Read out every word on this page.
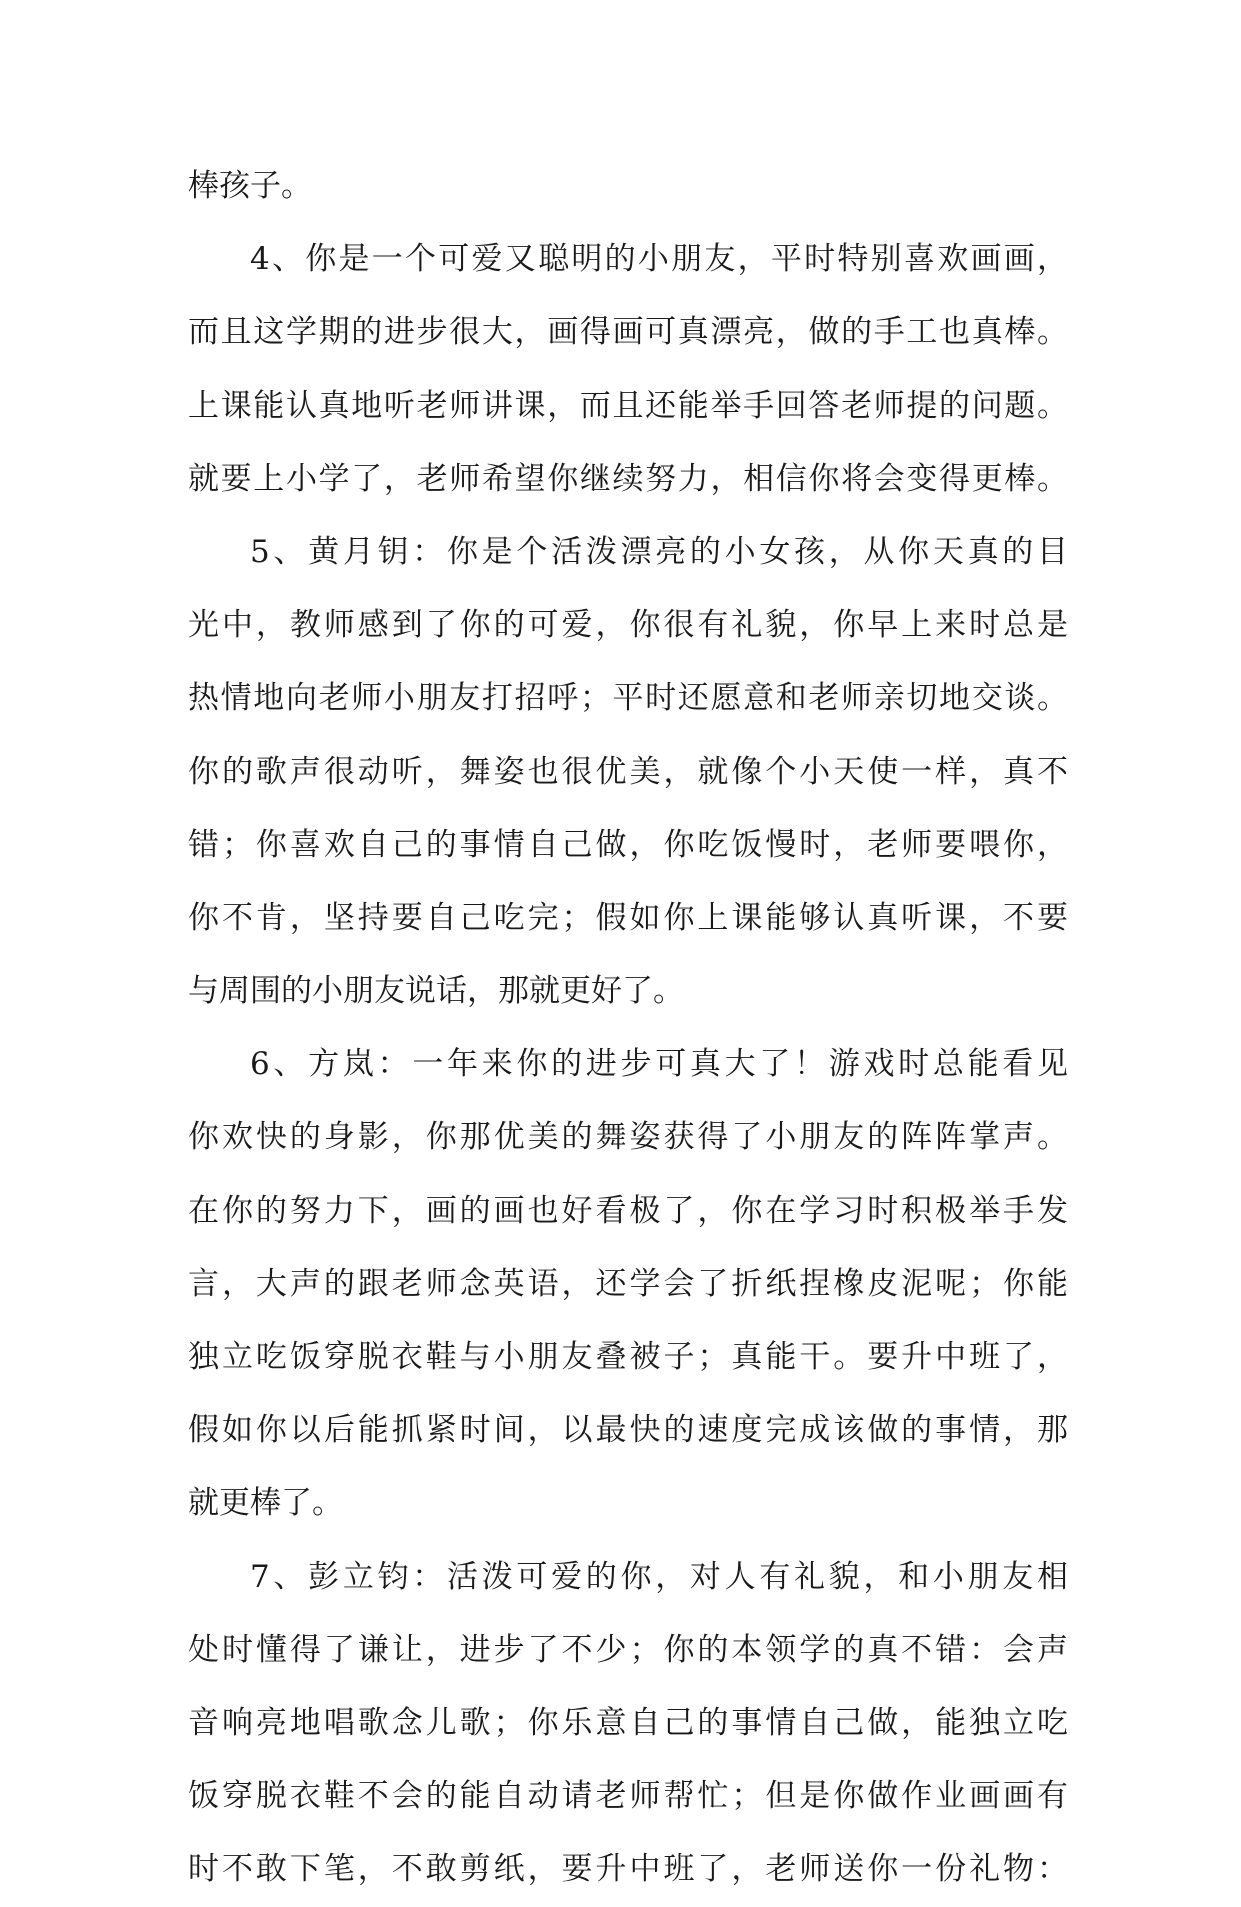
棒孩子。
4、你是一个可爱又聪明的小朋友，平时特别喜欢画画，
而且这学期的进步很大，画得画可真漂亮，做的手工也真棒。
上课能认真地听老师讲课，而且还能举手回答老师提的问题。
就要上小学了，老师希望你继续努力，相信你将会变得更棒。
5、黄月钥：你是个活泼漂亮的小女孩，从你天真的目
光中，教师感到了你的可爱，你很有礼貌，你早上来时总是
热情地向老师小朋友打招呼；平时还愿意和老师亲切地交谈。
你的歌声很动听，舞姿也很优美，就像个小天使一样，真不
错；你喜欢自己的事情自己做，你吃饭慢时，老师要喂你，
你不肯，坚持要自己吃完；假如你上课能够认真听课，不要
与周围的小朋友说话，那就更好了。
6、方岚：一年来你的进步可真大了！游戏时总能看见
你欢快的身影，你那优美的舞姿获得了小朋友的阵阵掌声。
在你的努力下，画的画也好看极了，你在学习时积极举手发
言，大声的跟老师念英语，还学会了折纸捏橡皮泥呢；你能
独立吃饭穿脱衣鞋与小朋友叠被子；真能干。要升中班了，
假如你以后能抓紧时间，以最快的速度完成该做的事情，那
就更棒了。
7、彭立钧：活泼可爱的你，对人有礼貌，和小朋友相
处时懂得了谦让，进步了不少；你的本领学的真不错：会声
音响亮地唱歌念儿歌；你乐意自己的事情自己做，能独立吃
饭穿脱衣鞋不会的能自动请老师帮忙；但是你做作业画画有
时不敢下笔，不敢剪纸，要升中班了，老师送你一份礼物：
